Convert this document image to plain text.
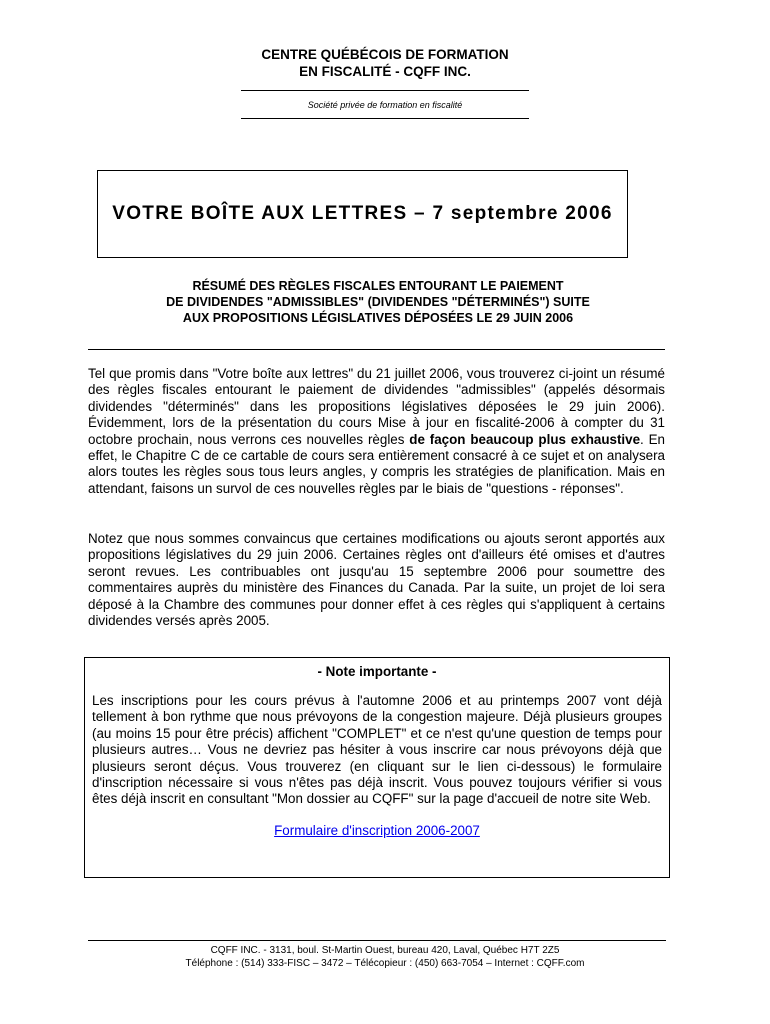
CENTRE QUÉBÉCOIS DE FORMATION

EN FISCALITÉ - CQFF INC.

Société privée de formation en fiscalité

VOTRE BOÎTE AUX LETTRES – 7 septembre 2006

RÉSUMÉ DES RÈGLES FISCALES ENTOURANT LE PAIEMENT

DE DIVIDENDES "ADMISSIBLES" (DIVIDENDES "DÉTERMINÉS") SUITE

AUX PROPOSITIONS LÉGISLATIVES DÉPOSÉES LE 29 JUIN 2006

Tel que promis dans "Votre boîte aux lettres" du 21 juillet 2006, vous trouverez ci-joint un résumé des règles fiscales entourant le paiement de dividendes "admissibles" (appelés désormais dividendes "déterminés" dans les propositions législatives déposées le 29 juin 2006). Évidemment, lors de la présentation du cours Mise à jour en fiscalité-2006 à compter du 31 octobre prochain, nous verrons ces nouvelles règles de façon beaucoup plus exhaustive. En effet, le Chapitre C de ce cartable de cours sera entièrement consacré à ce sujet et on analysera alors toutes les règles sous tous leurs angles, y compris les stratégies de planification. Mais en attendant, faisons un survol de ces nouvelles règles par le biais de "questions - réponses".

Notez que nous sommes convaincus que certaines modifications ou ajouts seront apportés aux propositions législatives du 29 juin 2006. Certaines règles ont d'ailleurs été omises et d'autres seront revues. Les contribuables ont jusqu'au 15 septembre 2006 pour soumettre des commentaires auprès du ministère des Finances du Canada. Par la suite, un projet de loi sera déposé à la Chambre des communes pour donner effet à ces règles qui s'appliquent à certains dividendes versés après 2005.

- Note importante -

Les inscriptions pour les cours prévus à l'automne 2006 et au printemps 2007 vont déjà tellement à bon rythme que nous prévoyons de la congestion majeure. Déjà plusieurs groupes (au moins 15 pour être précis) affichent "COMPLET" et ce n'est qu'une question de temps pour plusieurs autres… Vous ne devriez pas hésiter à vous inscrire car nous prévoyons déjà que plusieurs seront déçus. Vous trouverez (en cliquant sur le lien ci-dessous) le formulaire d'inscription nécessaire si vous n'êtes pas déjà inscrit. Vous pouvez toujours vérifier si vous êtes déjà inscrit en consultant "Mon dossier au CQFF" sur la page d'accueil de notre site Web.

Formulaire d'inscription 2006-2007

CQFF INC. - 3131, boul. St-Martin Ouest, bureau 420, Laval, Québec H7T 2Z5

Téléphone : (514) 333-FISC – 3472 – Télécopieur : (450) 663-7054 – Internet : CQFF.com
